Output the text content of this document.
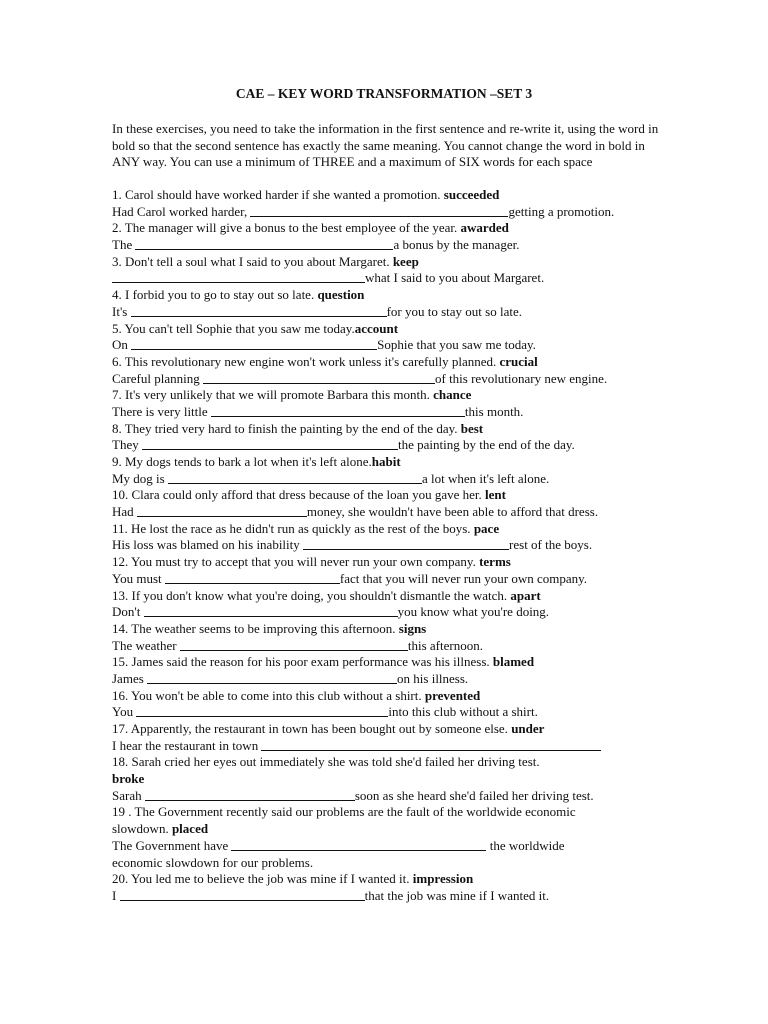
CAE – KEY WORD TRANSFORMATION –SET 3
In these exercises, you need to take the information in the first sentence and re-write it, using the word in bold so that the second sentence has exactly the same meaning. You cannot change the word in bold in ANY way. You can use a minimum of THREE and a maximum of SIX words for each space
1. Carol should have worked harder if she wanted a promotion. succeeded
Had Carol worked harder,	getting a promotion.
2. The manager will give a bonus to the best employee of the year. awarded
The	a bonus by the manager.
3. Don't tell a soul what I said to you about Margaret. keep
what I said to you about Margaret.
4. I forbid you to go to stay out so late. question
It's	for you to stay out so late.
5. You can't tell Sophie that you saw me today.account
On	Sophie that you saw me today.
6. This revolutionary new engine won't work unless it's carefully planned. crucial
Careful planning	of this revolutionary new engine.
7. It's very unlikely that we will promote Barbara this month. chance
There is very little	this month.
8. They tried very hard to finish the painting by the end of the day. best
They	the painting by the end of the day.
9. My dogs tends to bark a lot when it's left alone.habit
My dog is	a lot when it's left alone.
10. Clara could only afford that dress because of the loan you gave her. lent
Had	money, she wouldn't have been able to afford that dress.
11. He lost the race as he didn't run as quickly as the rest of the boys. pace
His loss was blamed on his inability	rest of the boys.
12. You must try to accept that you will never run your own company. terms
You must	fact that you will never run your own company.
13. If you don't know what you're doing, you shouldn't dismantle the watch. apart
Don't	you know what you're doing.
14. The weather seems to be improving this afternoon. signs
The weather	this afternoon.
15. James said the reason for his poor exam performance was his illness. blamed
James	on his illness.
16. You won't be able to come into this club without a shirt. prevented
You	into this club without a shirt.
17. Apparently, the restaurant in town has been bought out by someone else. under
I hear the restaurant in town
18. Sarah cried her eyes out immediately she was told she'd failed her driving test.
broke
Sarah	soon as she heard she'd failed her driving test.
19 . The Government recently said our problems are the fault of the worldwide economic slowdown. placed
The Government have	the worldwide economic slowdown for our problems.
20. You led me to believe the job was mine if I wanted it. impression
I	that the job was mine if I wanted it.
